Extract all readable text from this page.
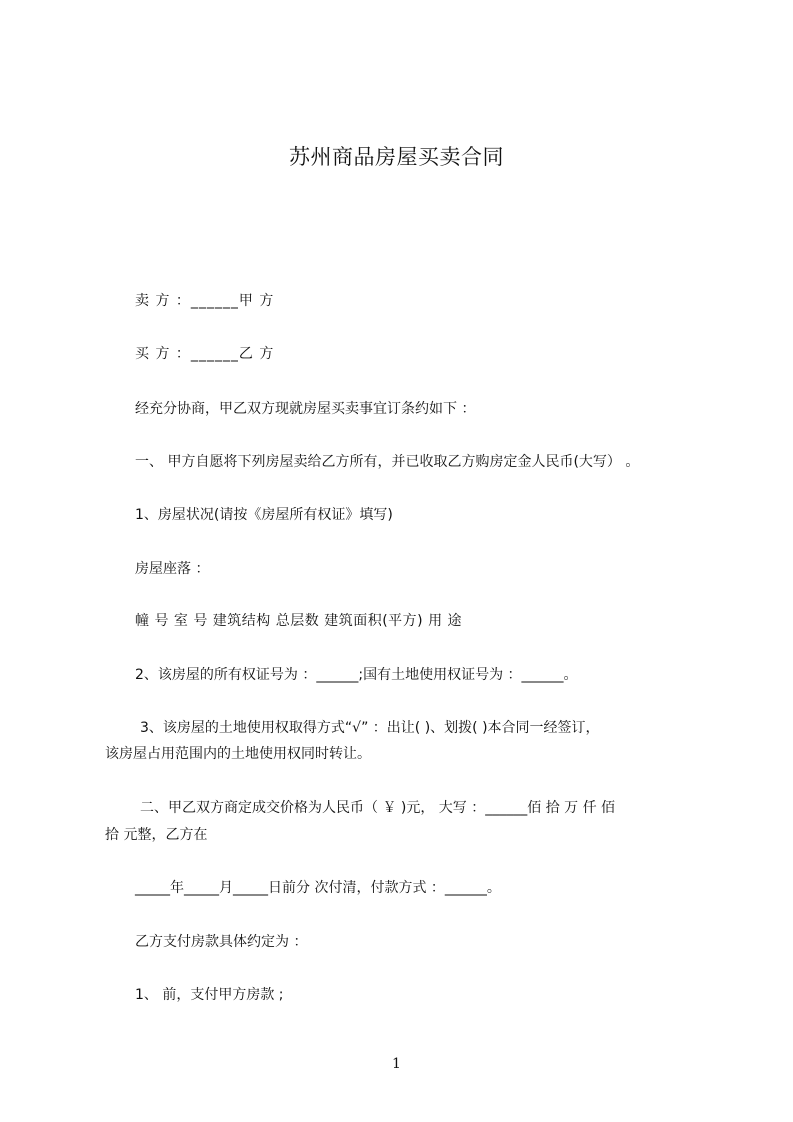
苏州商品房屋买卖合同
卖 方 ：______甲 方
买 方 ：______乙 方
经充分协商，甲乙双方现就房屋买卖事宜订条约如下 ：
一、 甲方自愿将下列房屋卖给乙方所有，并已收取乙方购房定金人民币(大写） 。
1、房屋状况(请按《房屋所有权证》填写)
房屋座落 ：
幢 号 室 号 建筑结构 总层数 建筑面积(平方) 用 途
2、该房屋的所有权证号为 ：______;国有土地使用权证号为 ：______。
3、该房屋的土地使用权取得方式“√” ：出让( )、划拨( )本合同一经签订，
该房屋占用范围内的土地使用权同时转让。
二、甲乙双方商定成交价格为人民币（ ￥ )元， 大写 ：______佰 拾 万 仟 佰
拾 元整，乙方在
_____年_____月_____日前分 次付清，付款方式 ：______。
乙方支付房款具体约定为 ：
1、 前，支付甲方房款 ;
1
